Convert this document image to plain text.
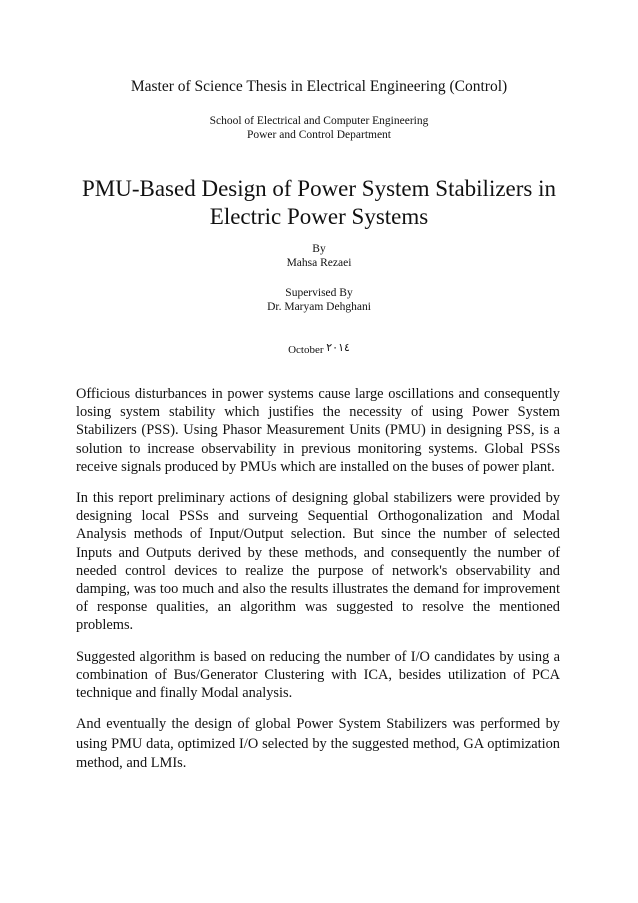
Master of Science Thesis in Electrical Engineering (Control)
School of Electrical and Computer Engineering
Power and Control Department
PMU-Based Design of Power System Stabilizers in
Electric Power Systems
By
Mahsa Rezaei
Supervised By
Dr. Maryam Dehghani
October ۲۰۱٤

Officious disturbances in power systems cause large oscillations and consequently losing system stability which justifies the necessity of using Power System Stabilizers (PSS). Using Phasor Measurement Units (PMU) in designing PSS, is a solution to increase observability in previous monitoring systems. Global PSSs receive signals produced by PMUs which are installed on the buses of power plant.

In this report preliminary actions of designing global stabilizers were provided by designing local PSSs and surveing Sequential Orthogonalization and Modal Analysis methods of Input/Output selection. But since the number of selected Inputs and Outputs derived by these methods, and consequently the number of needed control devices to realize the purpose of network's observability and damping, was too much and also the results illustrates the demand for improvement of response qualities, an algorithm was suggested to resolve the mentioned problems.

Suggested algorithm is based on reducing the number of I/O candidates by using a combination of Bus/Generator Clustering with ICA, besides utilization of PCA technique and finally Modal analysis.

And eventually the design of global Power System Stabilizers was performed by using PMU data, optimized I/O selected by the suggested method, GA optimization method, and LMIs.
